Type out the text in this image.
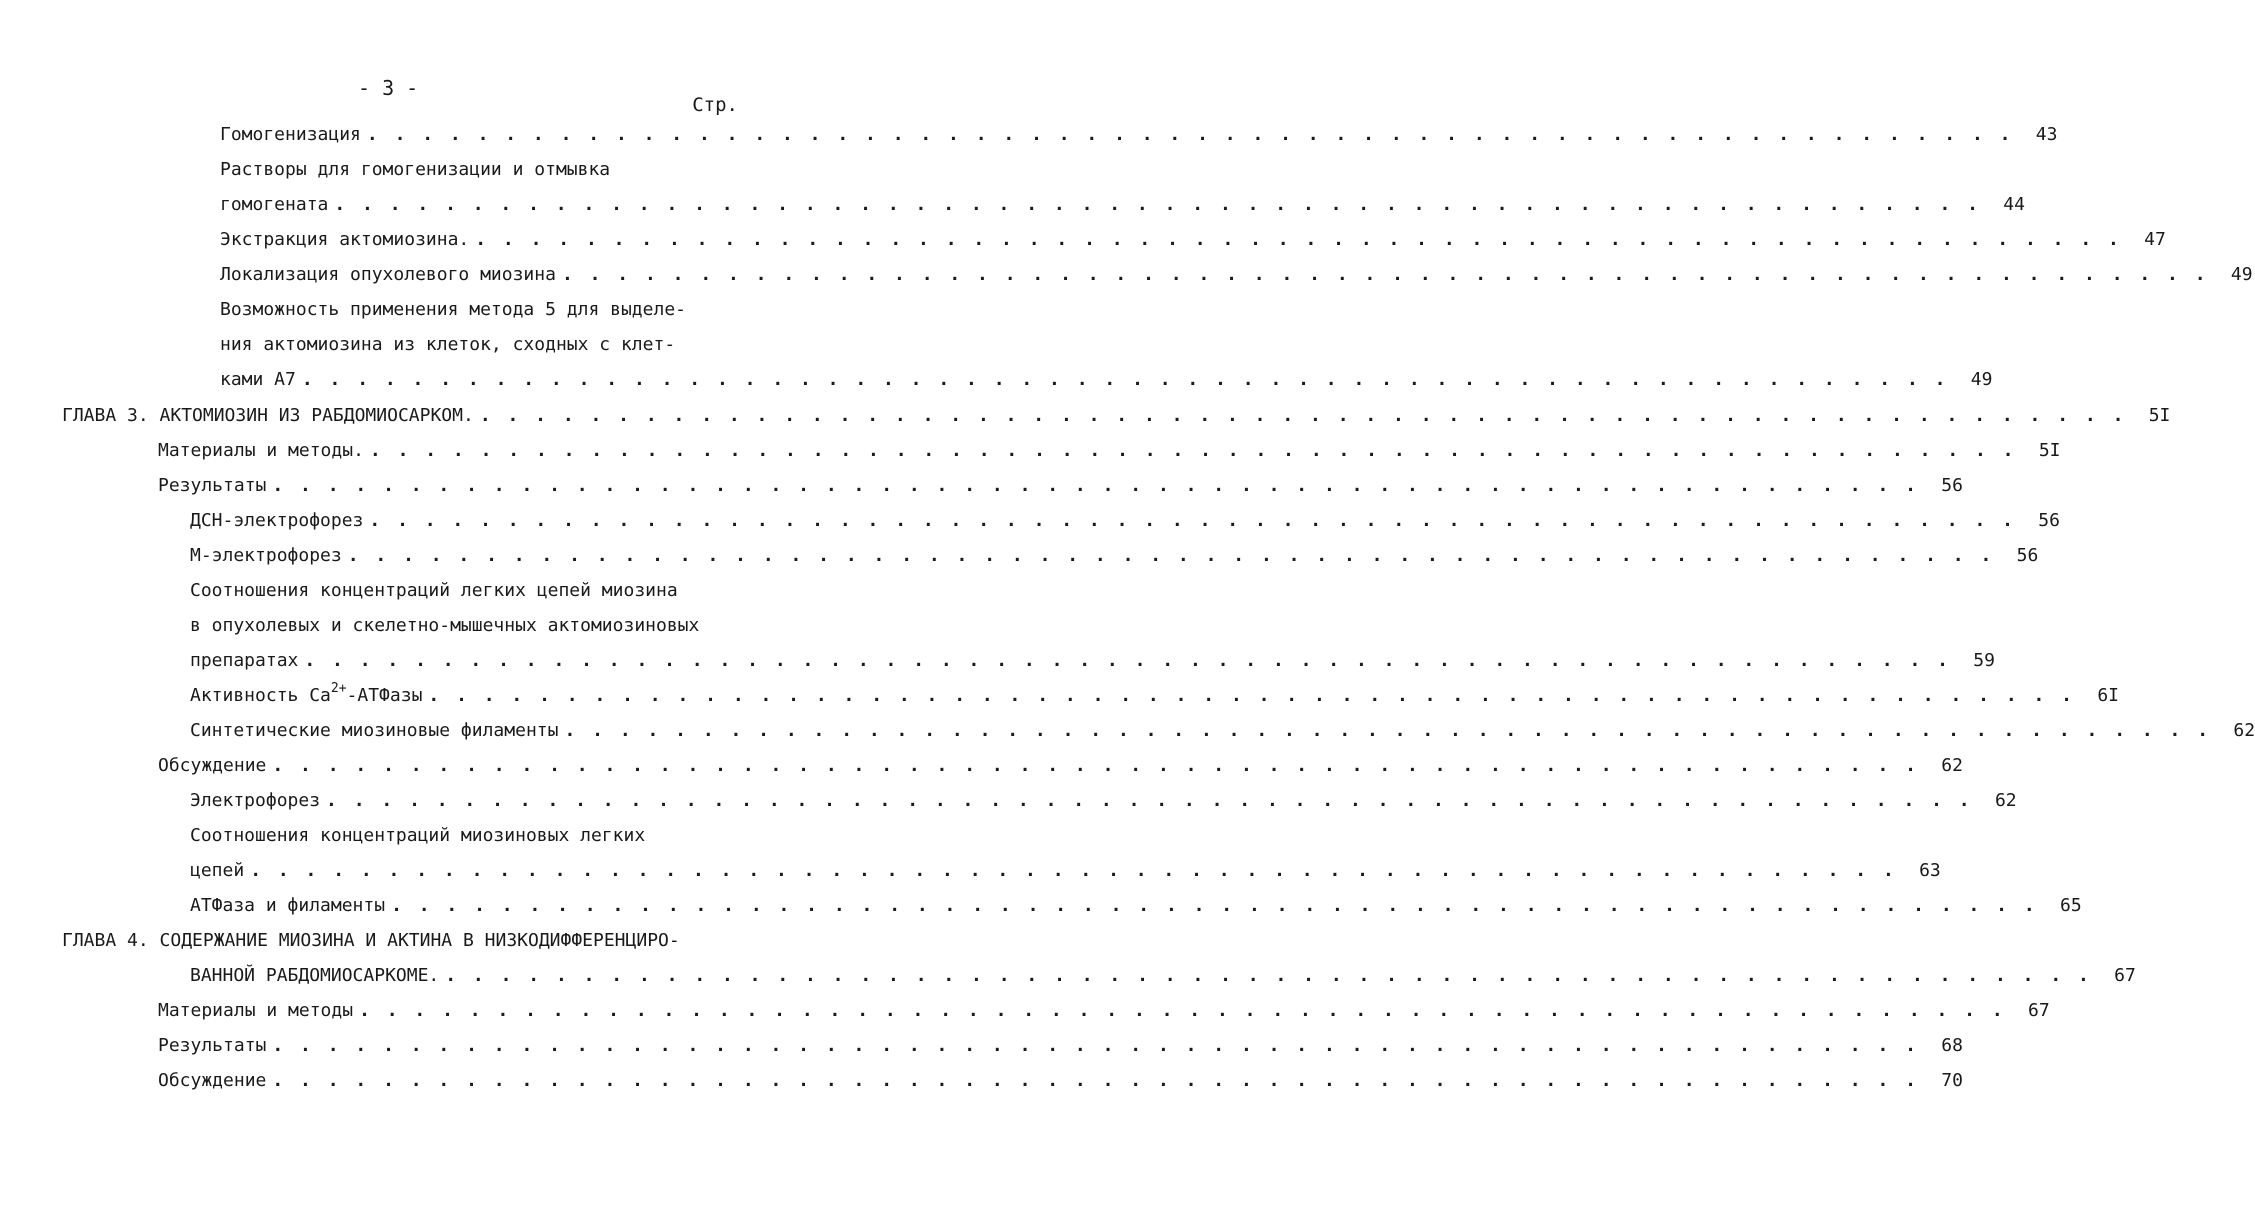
- 3 -
Стр.
Гомогенизация . . . . . . . . . . . . . . . . . . . . . . . . . . . . . . . . . . . . . . . . . . . . . . . . . . . . . . . . . . . .	43
Растворы для гомогенизации и отмывка
гомогената . . . . . . . . . . . . . . . . . . . . . . . . . . . . . . . . . . . . . . . . . . . . . . . . . . . . . . . . . . . .	44
Экстракция актомиозина. . . . . . . . . . . . . . . . . . . . . . . . . . . . . . . . . . . . . . . . . . . . . . . . . . . . . . . . . . . . .	47
Локализация опухолевого миозина . . . . . . . . . . . . . . . . . . . . . . . . . . . . . . . . . . . . . . . . . . . . . . . . . . . . . . . . . . . .	49
Возможность применения метода 5 для выделе-
ния актомиозина из клеток, сходных с клет-
ками А7 . . . . . . . . . . . . . . . . . . . . . . . . . . . . . . . . . . . . . . . . . . . . . . . . . . . . . . . . . . . .	49
ГЛАВА 3. АКТОМИОЗИН ИЗ РАБДОМИОСАРКОМ. . . . . . . . . . . . . . . . . . . . . . . . . . . . . . . . . . . . . . . . . . . . . . . . . . . . . . . . . . . . .	5I
Материалы и методы. . . . . . . . . . . . . . . . . . . . . . . . . . . . . . . . . . . . . . . . . . . . . . . . . . . . . . . . . . . . .	5I
Результаты . . . . . . . . . . . . . . . . . . . . . . . . . . . . . . . . . . . . . . . . . . . . . . . . . . . . . . . . . . . .	56
ДСН-электрофорез . . . . . . . . . . . . . . . . . . . . . . . . . . . . . . . . . . . . . . . . . . . . . . . . . . . . . . . . . . . .	56
М-электрофорез . . . . . . . . . . . . . . . . . . . . . . . . . . . . . . . . . . . . . . . . . . . . . . . . . . . . . . . . . . . .	56
Соотношения концентраций легких цепей миозина
в опухолевых и скелетно-мышечных актомиозиновых
препаратах . . . . . . . . . . . . . . . . . . . . . . . . . . . . . . . . . . . . . . . . . . . . . . . . . . . . . . . . . . . .	59
Активность $Са^{2+}$-АТФазы . . . . . . . . . . . . . . . . . . . . . . . . . . . . . . . . . . . . . . . . . . . . . . . . . . . . . . . . . . . .	6I
Синтетические миозиновые филаменты . . . . . . . . . . . . . . . . . . . . . . . . . . . . . . . . . . . . . . . . . . . . . . . . . . . . . . . . . . . .	62
Обсуждение . . . . . . . . . . . . . . . . . . . . . . . . . . . . . . . . . . . . . . . . . . . . . . . . . . . . . . . . . . . .	62
Электрофорез . . . . . . . . . . . . . . . . . . . . . . . . . . . . . . . . . . . . . . . . . . . . . . . . . . . . . . . . . . . .	62
Соотношения концентраций миозиновых легких
цепей . . . . . . . . . . . . . . . . . . . . . . . . . . . . . . . . . . . . . . . . . . . . . . . . . . . . . . . . . . . .	63
АТФаза и филаменты . . . . . . . . . . . . . . . . . . . . . . . . . . . . . . . . . . . . . . . . . . . . . . . . . . . . . . . . . . . .	65
ГЛАВА 4. СОДЕРЖАНИЕ МИОЗИНА И АКТИНА В НИЗКОДИФФЕРЕНЦИРО-
ВАННОЙ РАБДОМИОСАРКОМЕ. . . . . . . . . . . . . . . . . . . . . . . . . . . . . . . . . . . . . . . . . . . . . . . . . . . . . . . . . . . . .	67
Материалы и методы . . . . . . . . . . . . . . . . . . . . . . . . . . . . . . . . . . . . . . . . . . . . . . . . . . . . . . . . . . . .	67
Результаты . . . . . . . . . . . . . . . . . . . . . . . . . . . . . . . . . . . . . . . . . . . . . . . . . . . . . . . . . . . .	68
Обсуждение . . . . . . . . . . . . . . . . . . . . . . . . . . . . . . . . . . . . . . . . . . . . . . . . . . . . . . . . . . . .	70
